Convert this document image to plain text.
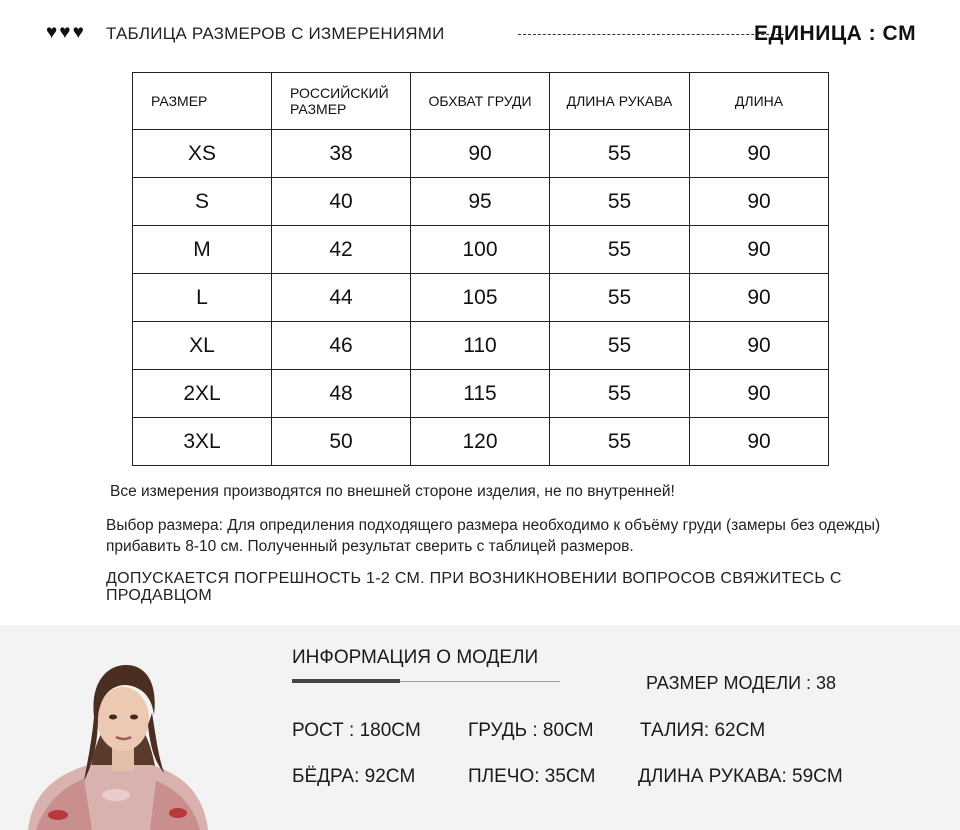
♥ ♥ ♥ ТАБЛИЦА РАЗМЕРОВ С ИЗМЕРЕНИЯМИ	ЕДИНИЦА : CM
РАЗМЕР	РОССИЙСКИЙ РАЗМЕР	ОБХВАТ ГРУДИ	ДЛИНА РУКАВА	ДЛИНА
XS	38	90	55	90
S	40	95	55	90
M	42	100	55	90
L	44	105	55	90
XL	46	110	55	90
2XL	48	115	55	90
3XL	50	120	55	90
Все измерения производятся по внешней стороне изделия, не по внутренней!
Выбор размера: Для опредиления подходящего размера необходимо к объёму груди (замеры без одежды) прибавить 8-10 см. Полученный результат сверить с таблицей размеров.
ДОПУСКАЕТСЯ ПОГРЕШНОСТЬ 1-2 СМ. ПРИ ВОЗНИКНОВЕНИИ ВОПРОСОВ СВЯЖИТЕСЬ С ПРОДАВЦОМ
ИНФОРМАЦИЯ О МОДЕЛИ
РАЗМЕР МОДЕЛИ : 38
РОСТ : 180CM ГРУДЬ : 80CM ТАЛИЯ: 62CM
БЁДРА: 92CM	ПЛЕЧО: 35CM ДЛИНА РУКАВА: 59CM
